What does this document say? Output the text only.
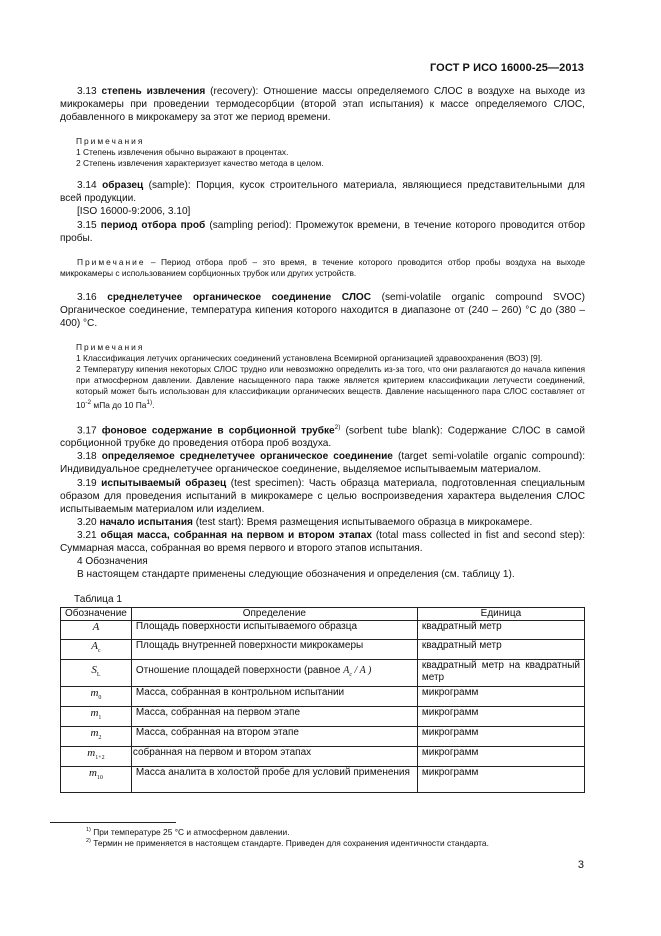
ГОСТ Р ИСО 16000-25—2013

3.13 степень извлечения (recovery): Отношение массы определяемого СЛОС в воздухе на выходе из микрокамеры при проведении термодесорбции (второй этап испытания) к массе определяемого СЛОС, добавленного в микрокамеру за этот же период времени.

Примечания

1 Степень извлечения обычно выражают в процентах.

2 Степень извлечения характеризует качество метода в целом.

3.14 образец (sample): Порция, кусок строительного материала, являющиеся представительными для всей продукции.

[ISO 16000-9:2006, 3.10]

3.15 период отбора проб (sampling period): Промежуток времени, в течение которого проводится отбор пробы.

Примечание – Период отбора проб – это время, в течение которого проводится отбор пробы воздуха на выходе микрокамеры с использованием сорбционных трубок или других устройств.

3.16 среднелетучее органическое соединение СЛОС (semi-volatile organic compound SVOC) Органическое соединение, температура кипения которого находится в диапазоне от (240 – 260) °С до (380 – 400) °С.

Примечания

1 Классификация летучих органических соединений установлена Всемирной организацией здравоохранения (ВОЗ) [9].

2 Температуру кипения некоторых СЛОС трудно или невозможно определить из-за того, что они разлагаются до начала кипения при атмосферном давлении. Давление насыщенного пара также является критерием классификации летучести соединений, который может быть использован для классификации органических веществ. Давление насыщенного пара СЛОС составляет от $10^{-2}$ мПа до 10 $Па^{1)}$.

3.17 фоновое содержание в сорбционной трубке$^{2)}$ (sorbent tube blank): Содержание СЛОС в самой сорбционной трубке до проведения отбора проб воздуха.

3.18 определяемое среднелетучее органическое соединение (target semi-volatile organic compound): Индивидуальное среднелетучее органическое соединение, выделяемое испытываемым материалом.

3.19 испытываемый образец (test specimen): Часть образца материала, подготовленная специальным образом для проведения испытаний в микрокамере с целью воспроизведения характера выделения СЛОС испытываемым материалом или изделием.

3.20 начало испытания (test start): Время размещения испытываемого образца в микрокамере.

3.21 общая масса, собранная на первом и втором этапах (total mass collected in fist and second step): Суммарная масса, собранная во время первого и второго этапов испытания.

4 Обозначения

В настоящем стандарте применены следующие обозначения и определения (см. таблицу 1).

Таблица 1

Обозначение	Определение	Единица
A	Площадь поверхности испытываемого образца	квадратный метр
$A_c$	Площадь внутренней поверхности микрокамеры	квадратный метр
$S_L$	Отношение площадей поверхности (равное $A_c$ / A )	квадратный метр на квадратный метр
$m_0$	Масса, собранная в контрольном испытании	микрограмм
$m_1$	Масса, собранная на первом этапе	микрограмм
$m_2$	Масса, собранная на втором этапе	микрограмм
$m_{1+2}$	собранная на первом и втором этапах	микрограмм
$m_{10}$	Масса аналита в холостой пробе для условий применения	микрограмм
$^{1)}$ При температуре 25 °С и атмосферном давлении.
$^{2)}$ Термин не применяется в настоящем стандарте. Приведен для сохранения идентичности стандарта.
3
